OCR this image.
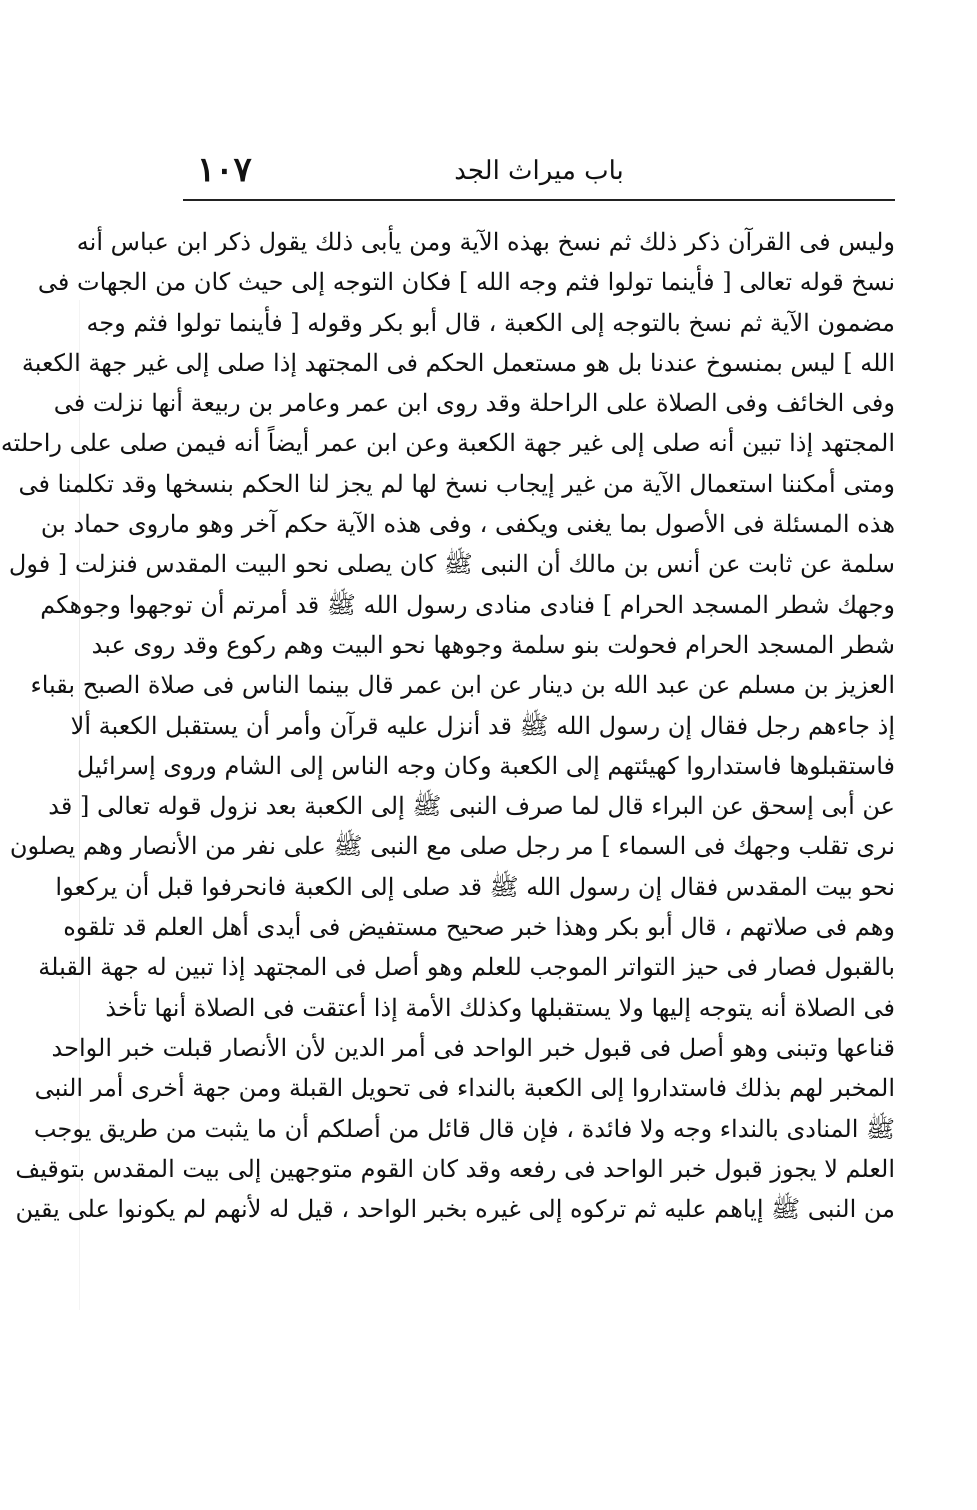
باب ميراث الجد
١٠٧
وليس فى القرآن ذكر ذلك ثم نسخ بهذه الآية ومن يأبى ذلك يقول ذكر ابن عباس أنه
نسخ قوله تعالى [ فأينما تولوا فثم وجه الله ] فكان التوجه إلى حيث كان من الجهات فى
مضمون الآية ثم نسخ بالتوجه إلى الكعبة ، قال أبو بكر وقوله [ فأينما تولوا فثم وجه
الله ] ليس بمنسوخ عندنا بل هو مستعمل الحكم فى المجتهد إذا صلى إلى غير جهة الكعبة
وفى الخائف وفى الصلاة على الراحلة وقد روى ابن عمر وعامر بن ربيعة أنها نزلت فى
المجتهد إذا تبين أنه صلى إلى غير جهة الكعبة وعن ابن عمر أيضاً أنه فيمن صلى على راحلته
ومتى أمكننا استعمال الآية من غير إيجاب نسخ لها لم يجز لنا الحكم بنسخها وقد تكلمنا فى
هذه المسئلة فى الأصول بما يغنى ويكفى ، وفى هذه الآية حكم آخر وهو ماروى حماد بن
سلمة عن ثابت عن أنس بن مالك أن النبى ﷺ كان يصلى نحو البيت المقدس فنزلت [ فول
وجهك شطر المسجد الحرام ] فنادى منادى رسول الله ﷺ قد أمرتم أن توجهوا وجوهكم
شطر المسجد الحرام فحولت بنو سلمة وجوهها نحو البيت وهم ركوع وقد روى عبد
العزيز بن مسلم عن عبد الله بن دينار عن ابن عمر قال بينما الناس فى صلاة الصبح بقباء
إذ جاءهم رجل فقال إن رسول الله ﷺ قد أنزل عليه قرآن وأمر أن يستقبل الكعبة ألا
فاستقبلوها فاستداروا كهيئتهم إلى الكعبة وكان وجه الناس إلى الشام وروى إسرائيل
عن أبى إسحق عن البراء قال لما صرف النبى ﷺ إلى الكعبة بعد نزول قوله تعالى [ قد
نرى تقلب وجهك فى السماء ] مر رجل صلى مع النبى ﷺ على نفر من الأنصار وهم يصلون
نحو بيت المقدس فقال إن رسول الله ﷺ قد صلى إلى الكعبة فانحرفوا قبل أن يركعوا
وهم فى صلاتهم ، قال أبو بكر وهذا خبر صحيح مستفيض فى أيدى أهل العلم قد تلقوه
بالقبول فصار فى حيز التواتر الموجب للعلم وهو أصل فى المجتهد إذا تبين له جهة القبلة
فى الصلاة أنه يتوجه إليها ولا يستقبلها وكذلك الأمة إذا أعتقت فى الصلاة أنها تأخذ
قناعها وتبنى وهو أصل فى قبول خبر الواحد فى أمر الدين لأن الأنصار قبلت خبر الواحد
المخبر لهم بذلك فاستداروا إلى الكعبة بالنداء فى تحويل القبلة ومن جهة أخرى أمر النبى
ﷺ المنادى بالنداء وجه ولا فائدة ، فإن قال قائل من أصلكم أن ما يثبت من طريق يوجب
العلم لا يجوز قبول خبر الواحد فى رفعه وقد كان القوم متوجهين إلى بيت المقدس بتوقيف
من النبى ﷺ إياهم عليه ثم تركوه إلى غيره بخبر الواحد ، قيل له لأنهم لم يكونوا على يقين
